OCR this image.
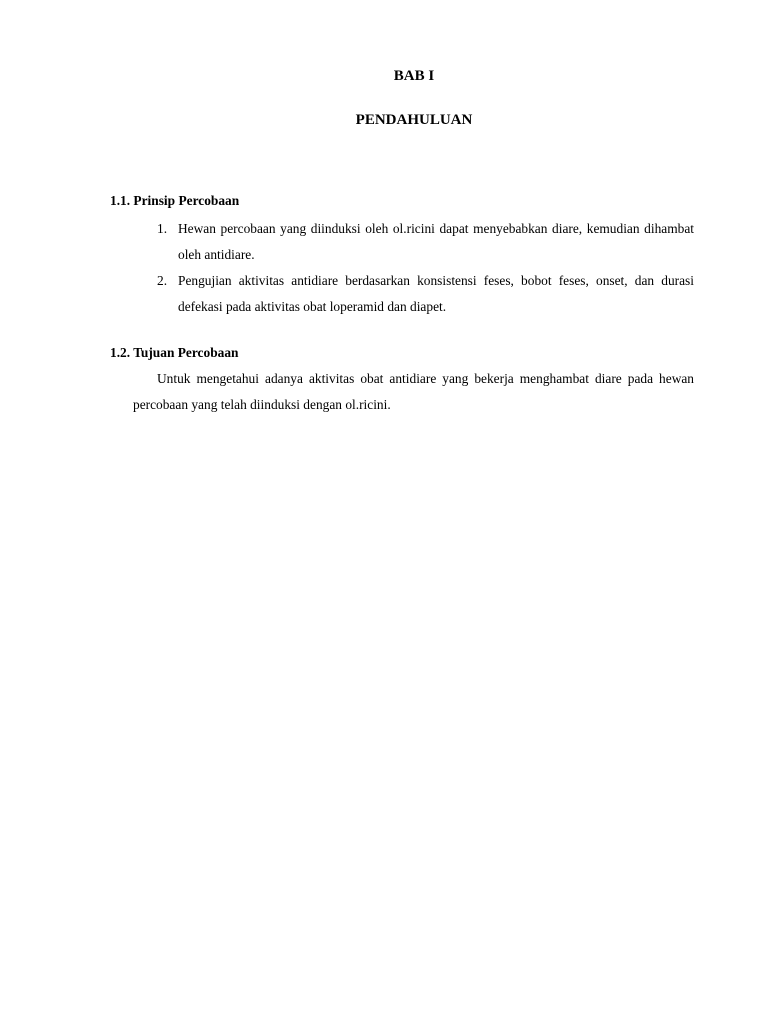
BAB I
PENDAHULUAN
1.1. Prinsip Percobaan
1. Hewan percobaan yang diinduksi oleh ol.ricini dapat menyebabkan diare, kemudian dihambat oleh antidiare.
2. Pengujian aktivitas antidiare berdasarkan konsistensi feses, bobot feses, onset, dan durasi defekasi pada aktivitas obat loperamid dan diapet.
1.2. Tujuan Percobaan

Untuk mengetahui adanya aktivitas obat antidiare yang bekerja menghambat diare pada hewan percobaan yang telah diinduksi dengan ol.ricini.
